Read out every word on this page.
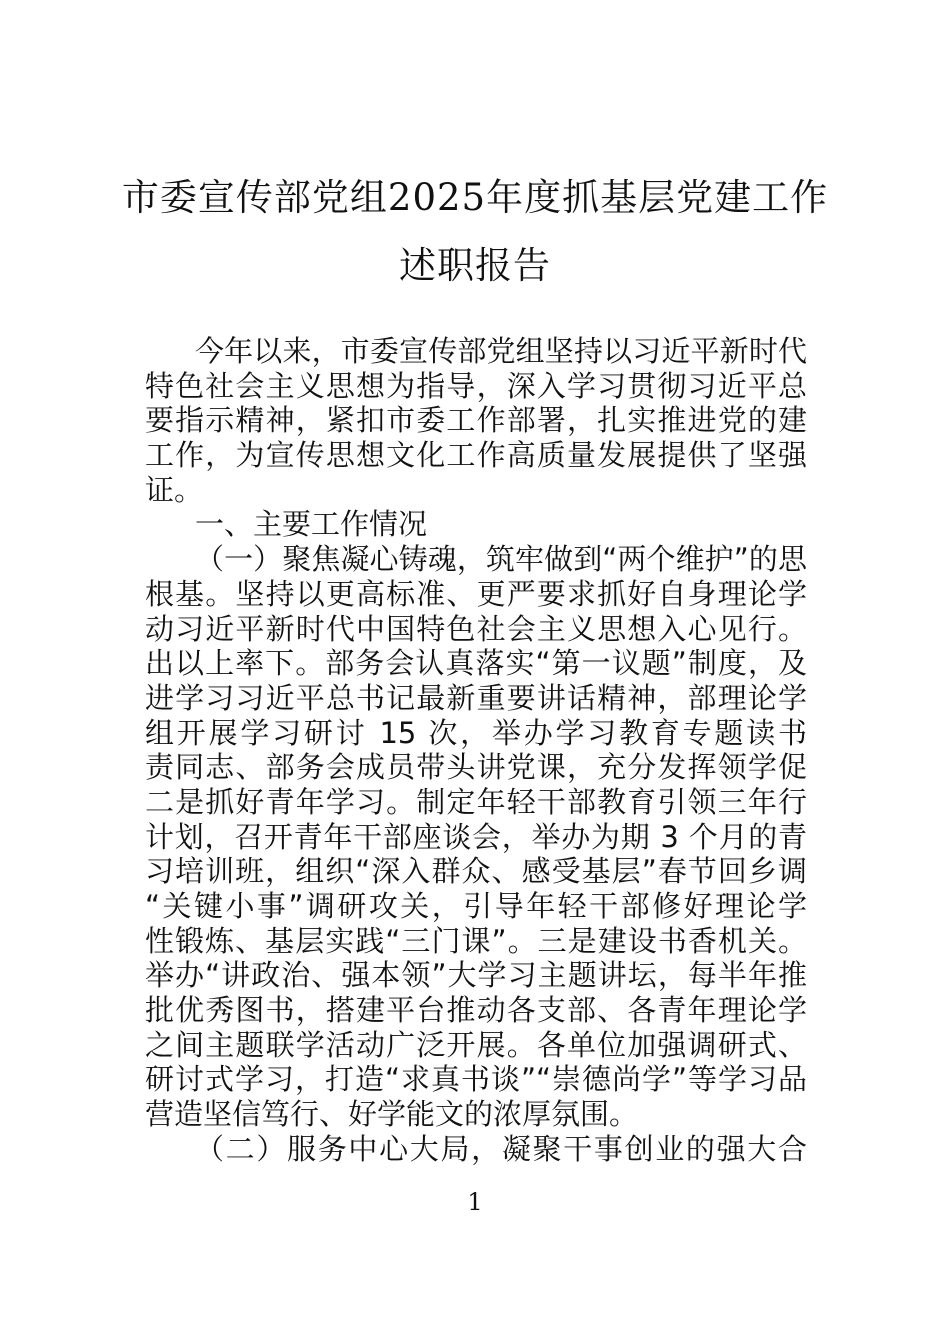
市委宣传部党组2025年度抓基层党建工作
述职报告
今年以来，市委宣传部党组坚持以习近平新时代
特色社会主义思想为指导，深入学习贯彻习近平总
要指示精神，紧扣市委工作部署，扎实推进党的建
工作，为宣传思想文化工作高质量发展提供了坚强
证。
一、主要工作情况
（一）聚焦凝心铸魂，筑牢做到“两个维护”的思
根基。坚持以更高标准、更严要求抓好自身理论学
动习近平新时代中国特色社会主义思想入心见行。
出以上率下。部务会认真落实“第一议题”制度，及
进学习习近平总书记最新重要讲话精神，部理论学
组开展学习研讨 15 次，举办学习教育专题读书
责同志、部务会成员带头讲党课，充分发挥领学促
二是抓好青年学习。制定年轻干部教育引领三年行
计划，召开青年干部座谈会，举办为期 3 个月的青
习培训班，组织“深入群众、感受基层”春节回乡调
“关键小事”调研攻关，引导年轻干部修好理论学
性锻炼、基层实践“三门课”。三是建设书香机关。
举办“讲政治、强本领”大学习主题讲坛，每半年推
批优秀图书，搭建平台推动各支部、各青年理论学
之间主题联学活动广泛开展。各单位加强调研式、
研讨式学习，打造“求真书谈”“崇德尚学”等学习品
营造坚信笃行、好学能文的浓厚氛围。
（二）服务中心大局，凝聚干事创业的强大合
1
